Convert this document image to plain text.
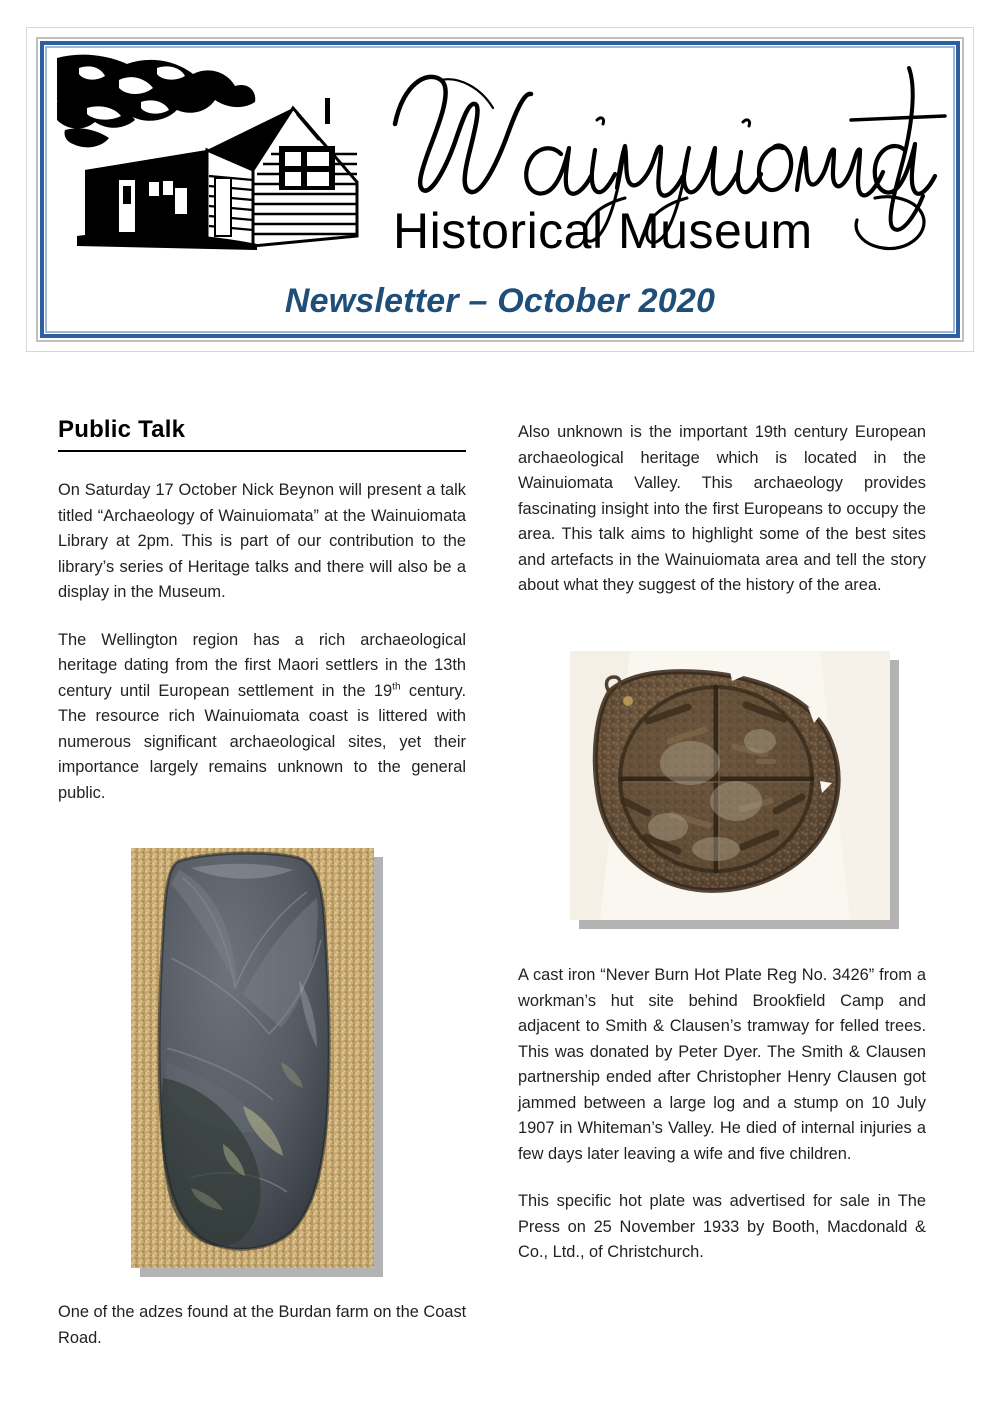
Historical Museum
Newsletter – October 2020
Public Talk

On Saturday 17 October Nick Beynon will present a talk titled “Archaeology of Wainuiomata” at the Wainuiomata Library at 2pm. This is part of our contribution to the library’s series of Heritage talks and there will also be a display in the Museum.

The Wellington region has a rich archaeological heritage dating from the first Maori settlers in the 13th century until European settlement in the 19th century. The resource rich Wainuiomata coast is littered with numerous significant archaeological sites, yet their importance largely remains unknown to the general public.

One of the adzes found at the Burdan farm on the Coast Road.

Also unknown is the important 19th century European archaeological heritage which is located in the Wainuiomata Valley. This archaeology provides fascinating insight into the first Europeans to occupy the area. This talk aims to highlight some of the best sites and artefacts in the Wainuiomata area and tell the story about what they suggest of the history of the area.

A cast iron “Never Burn Hot Plate Reg No. 3426” from a workman’s hut site behind Brookfield Camp and adjacent to Smith & Clausen’s tramway for felled trees. This was donated by Peter Dyer. The Smith & Clausen partnership ended after Christopher Henry Clausen got jammed between a large log and a stump on 10 July 1907 in Whiteman’s Valley. He died of internal injuries a few days later leaving a wife and five children.

This specific hot plate was advertised for sale in The Press on 25 November 1933 by Booth, Macdonald & Co., Ltd., of Christchurch.
